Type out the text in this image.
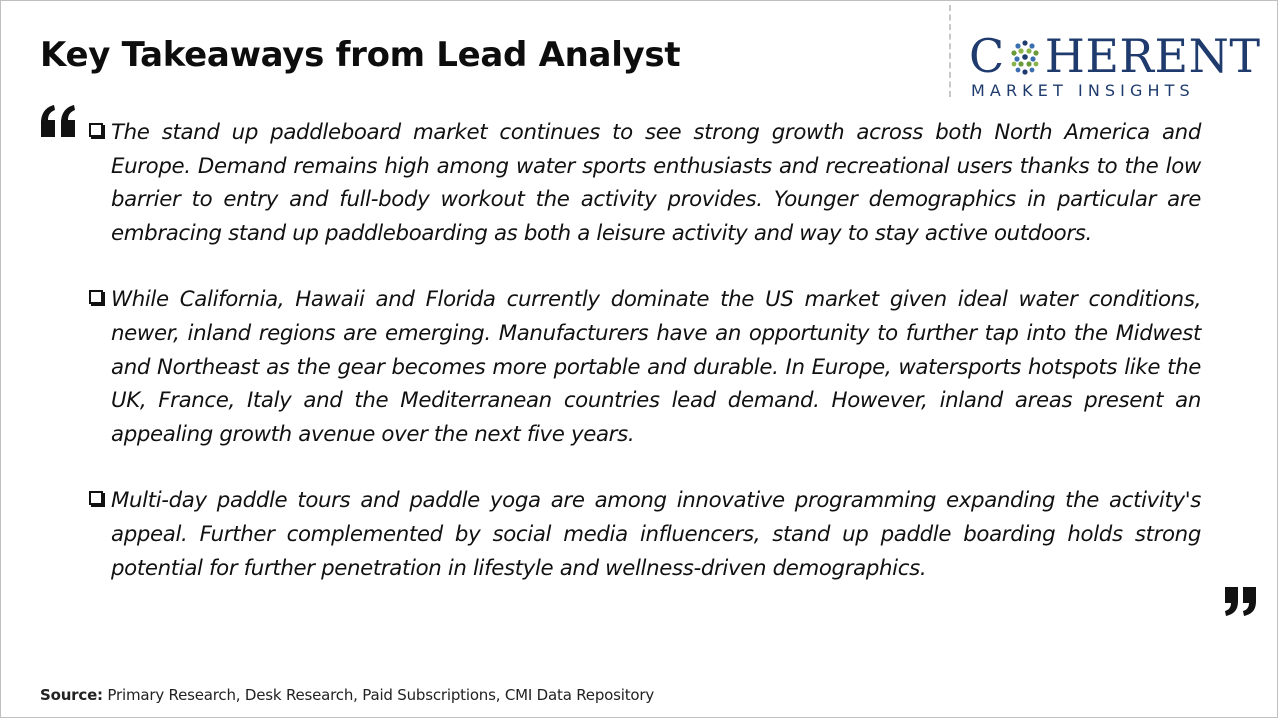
Key Takeaways from Lead Analyst	C HERENT
MARKET INSIGHTS
The stand up paddleboard market continues to see strong growth across both North America and Europe. Demand remains high among water sports enthusiasts and recreational users thanks to the low barrier to entry and full-body workout the activity provides. Younger demographics in particular are embracing stand up paddleboarding as both a leisure activity and way to stay active outdoors.
While California, Hawaii and Florida currently dominate the US market given ideal water conditions, newer, inland regions are emerging. Manufacturers have an opportunity to further tap into the Midwest and Northeast as the gear becomes more portable and durable. In Europe, watersports hotspots like the UK, France, Italy and the Mediterranean countries lead demand. However, inland areas present an appealing growth avenue over the next five years.
Multi-day paddle tours and paddle yoga are among innovative programming expanding the activity's appeal. Further complemented by social media influencers, stand up paddle boarding holds strong potential for further penetration in lifestyle and wellness-driven demographics.
Source: Primary Research, Desk Research, Paid Subscriptions, CMI Data Repository
